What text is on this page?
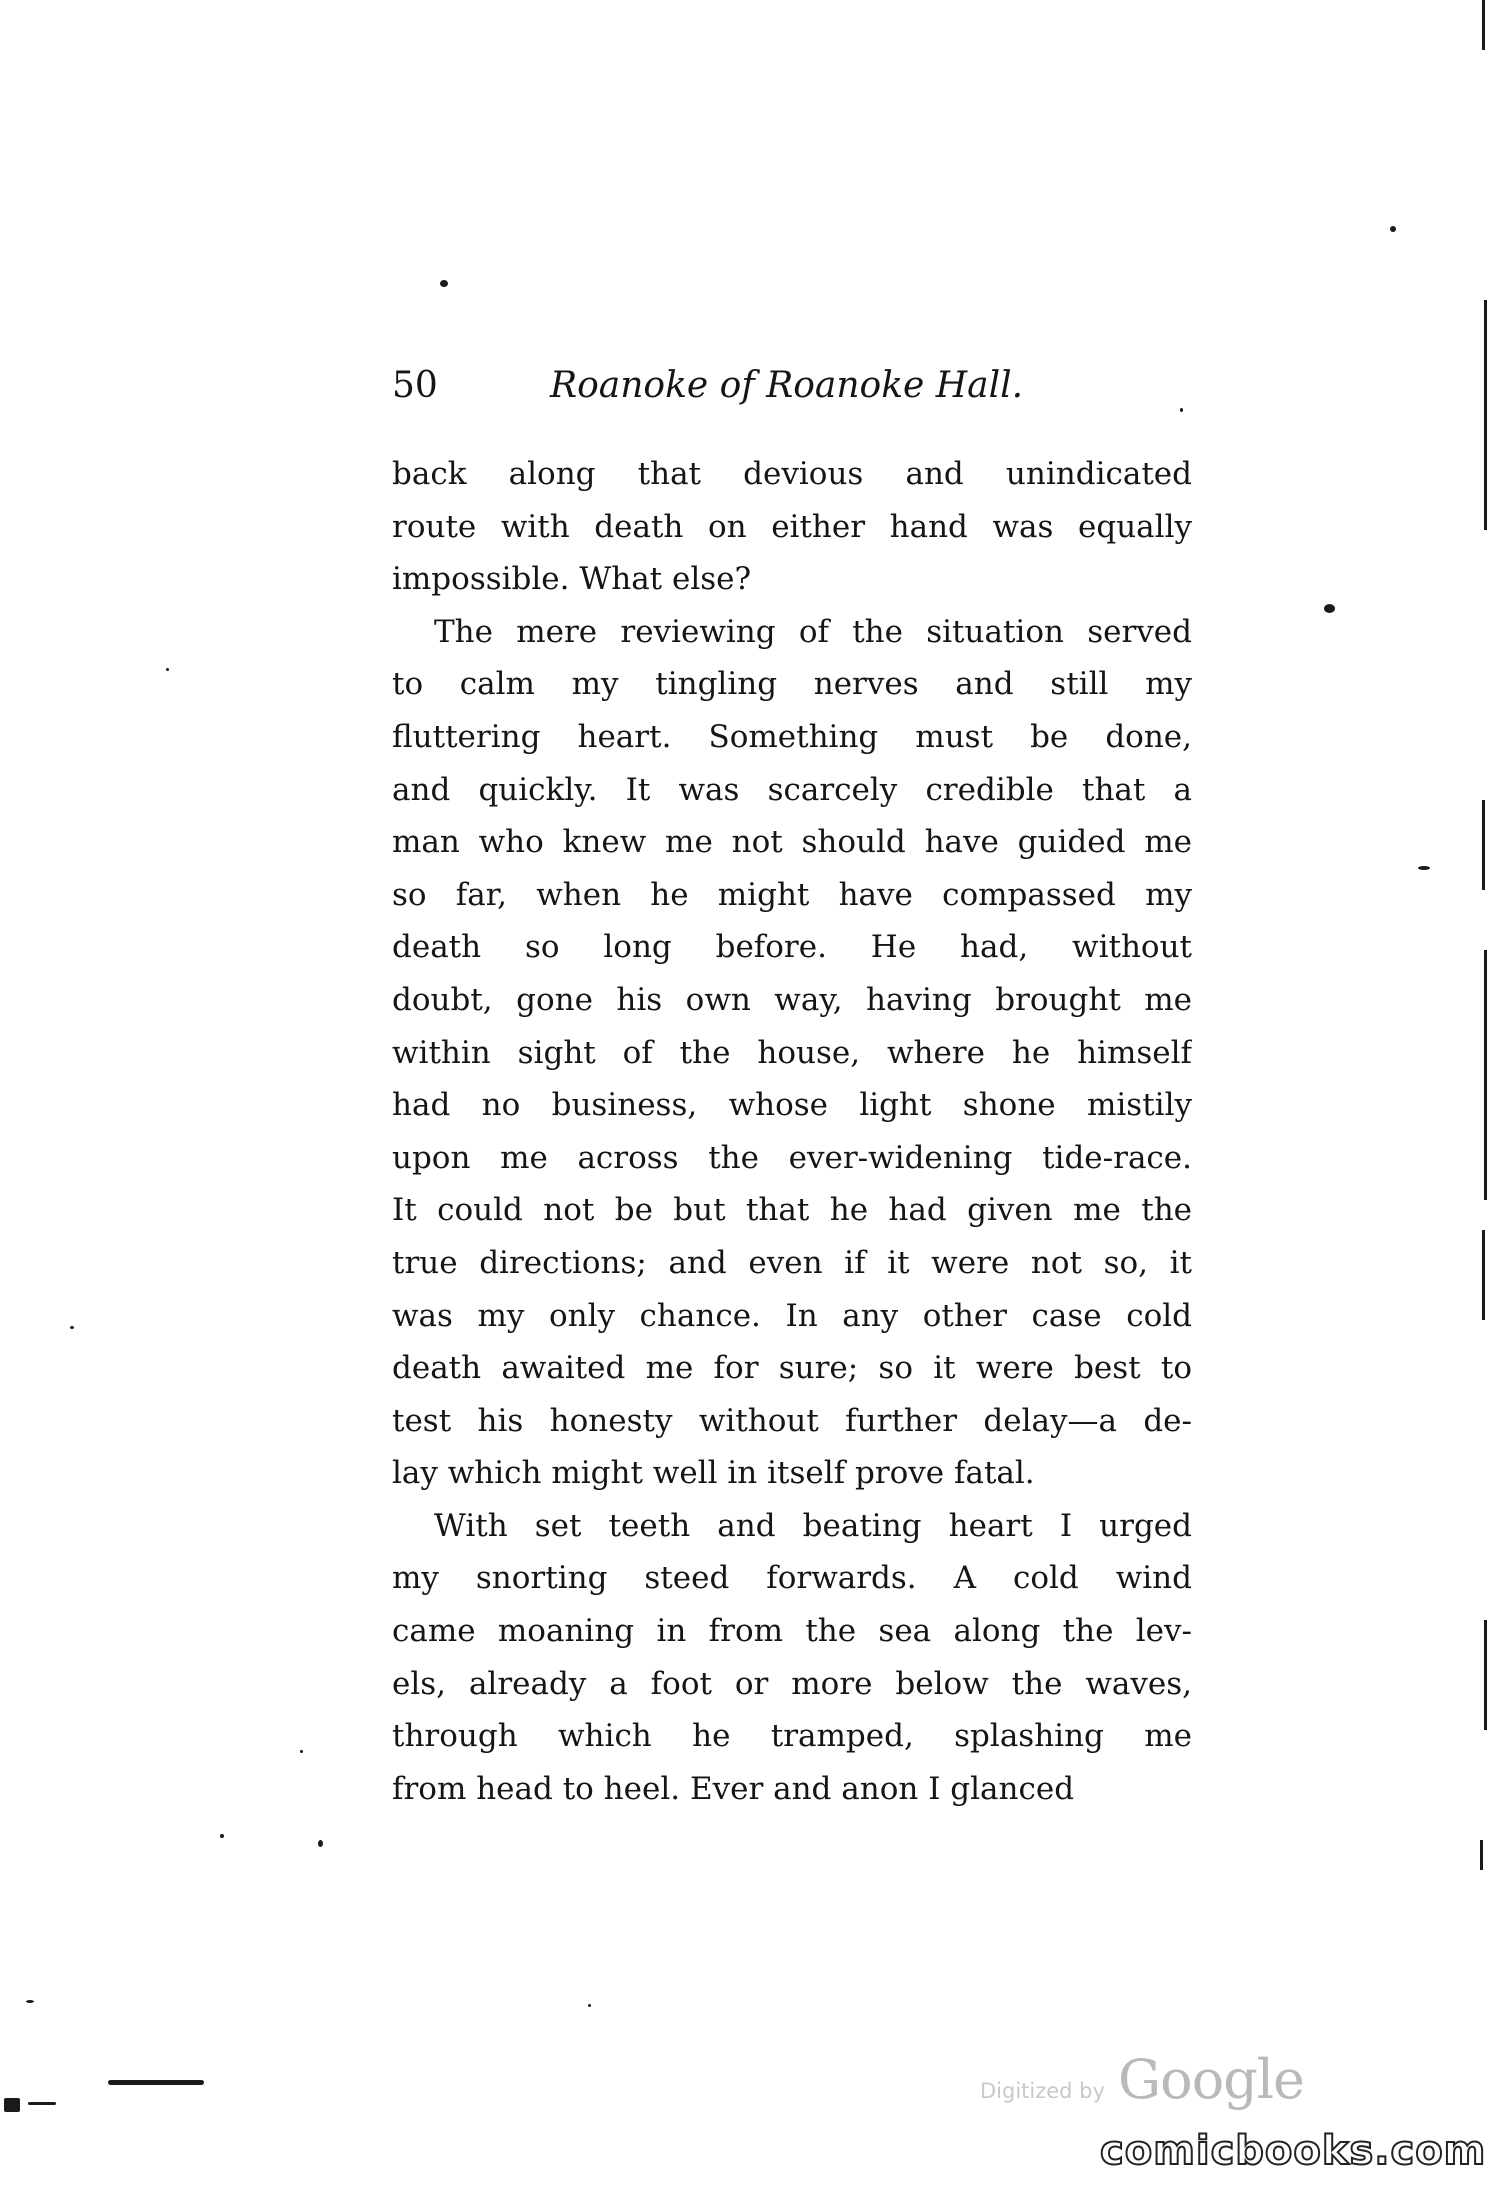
50	Roanoke of Roanoke Hall.
back along that devious and unindicated
route with death on either hand was equally
impossible. What else?
The mere reviewing of the situation served
to calm my tingling nerves and still my
fluttering heart. Something must be done,
and quickly. It was scarcely credible that a
man who knew me not should have guided me
so far, when he might have compassed my
death so long before. He had, without
doubt, gone his own way, having brought me
within sight of the house, where he himself
had no business, whose light shone mistily
upon me across the ever-widening tide-race.
It could not be but that he had given me the
true directions; and even if it were not so, it
was my only chance. In any other case cold
death awaited me for sure; so it were best to
test his honesty without further delay—a de-
lay which might well in itself prove fatal.
With set teeth and beating heart I urged
my snorting steed forwards. A cold wind
came moaning in from the sea along the lev-
els, already a foot or more below the waves,
through which he tramped, splashing me
from head to heel. Ever and anon I glanced
Digitized by Google
comicbooks.com
